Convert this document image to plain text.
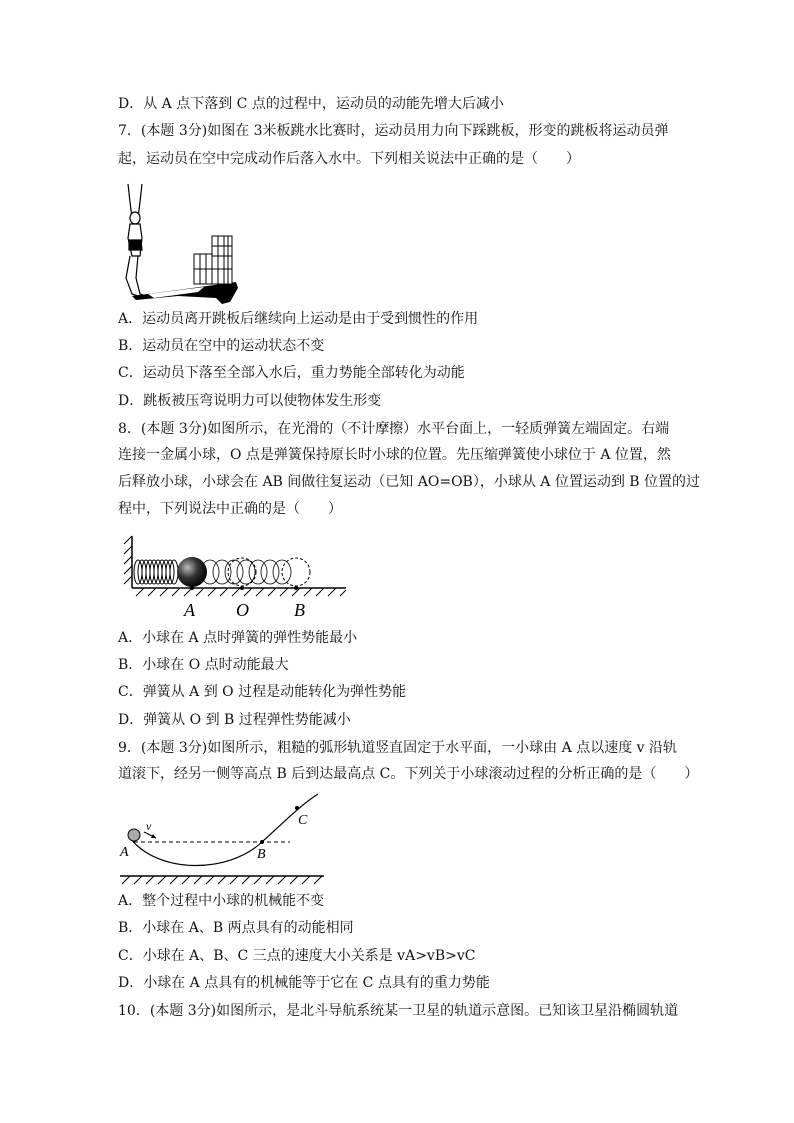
D．从 A 点下落到 C 点的过程中，运动员的动能先增大后减小
7．(本题 3分)如图在 3米板跳水比赛时，运动员用力向下踩跳板，形变的跳板将运动员弹
起，运动员在空中完成动作后落入水中。下列相关说法中正确的是（　　）
A．运动员离开跳板后继续向上运动是由于受到惯性的作用
B．运动员在空中的运动状态不变
C．运动员下落至全部入水后，重力势能全部转化为动能
D．跳板被压弯说明力可以使物体发生形变
8．(本题 3分)如图所示，在光滑的（不计摩擦）水平台面上，一轻质弹簧左端固定。右端
连接一金属小球，O 点是弹簧保持原长时小球的位置。先压缩弹簧使小球位于 A 位置，然
后释放小球，小球会在 AB 间做往复运动（已知 AO=OB），小球从 A 位置运动到 B 位置的过
程中，下列说法中正确的是（　　）
A O	B
A．小球在 A 点时弹簧的弹性势能最小
B．小球在 O 点时动能最大
C．弹簧从 A 到 O 过程是动能转化为弹性势能
D．弹簧从 O 到 B 过程弹性势能减小
9．(本题 3分)如图所示，粗糙的弧形轨道竖直固定于水平面，一小球由 A 点以速度 v 沿轨
道滚下，经另一侧等高点 B 后到达最高点 C。下列关于小球滚动过程的分析正确的是（　　）
v
A	B
C
A．整个过程中小球的机械能不变
B．小球在 A、B 两点具有的动能相同
C．小球在 A、B、C 三点的速度大小关系是 vA>vB>vC
D．小球在 A 点具有的机械能等于它在 C 点具有的重力势能
10．(本题 3分)如图所示，是北斗导航系统某一卫星的轨道示意图。已知该卫星沿椭圆轨道
